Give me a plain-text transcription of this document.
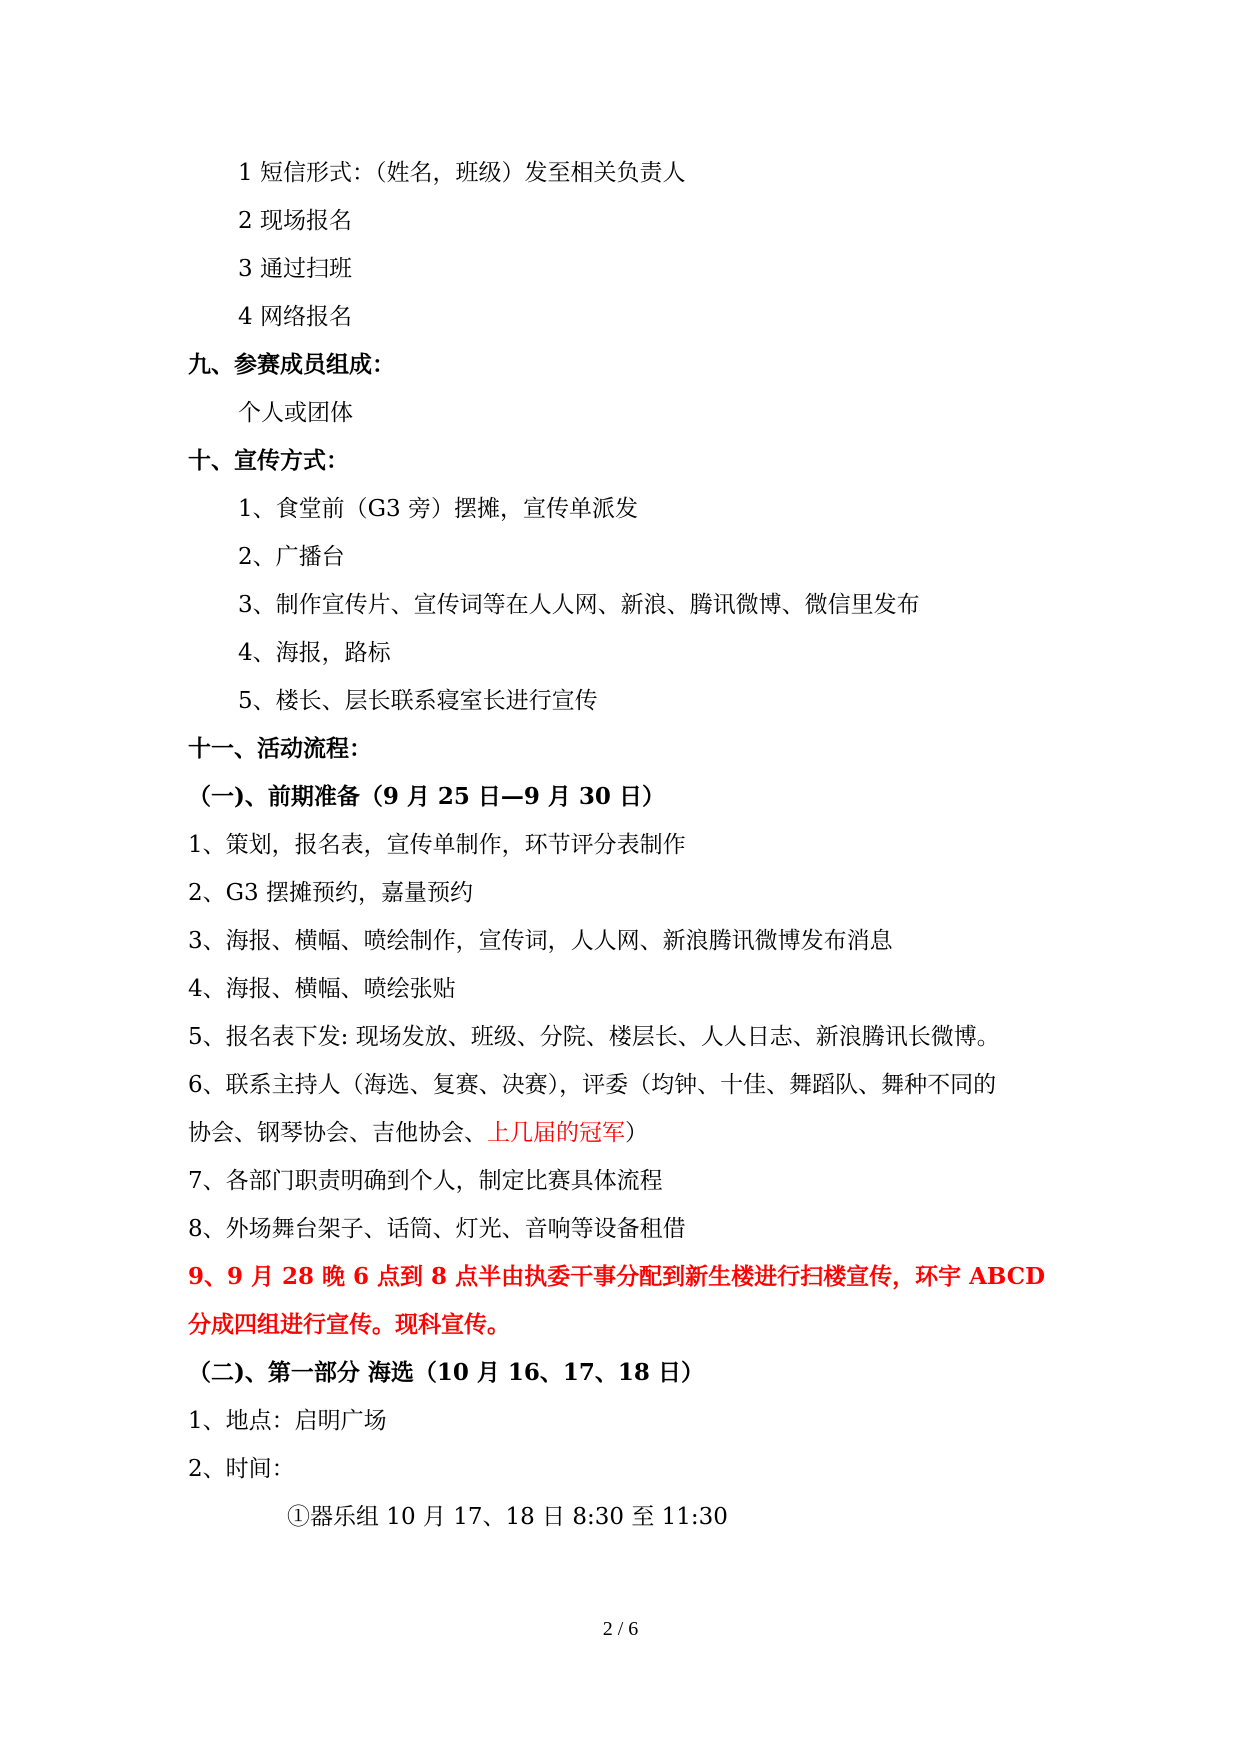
1 短信形式：（姓名，班级）发至相关负责人
2 现场报名
3 通过扫班
4 网络报名
九、参赛成员组成：
个人或团体
十、宣传方式：
1、食堂前（G3 旁）摆摊，宣传单派发
2、广播台
3、制作宣传片、宣传词等在人人网、新浪、腾讯微博、微信里发布
4、海报，路标
5、楼长、层长联系寝室长进行宣传
十一、活动流程：
（一)、前期准备（9 月 25 日—9 月 30 日）
1、策划，报名表，宣传单制作，环节评分表制作
2、G3 摆摊预约，嘉量预约
3、海报、横幅、喷绘制作，宣传词，人人网、新浪腾讯微博发布消息
4、海报、横幅、喷绘张贴
5、报名表下发: 现场发放、班级、分院、楼层长、人人日志、新浪腾讯长微博。
6、联系主持人（海选、复赛、决赛），评委（均钟、十佳、舞蹈队、舞种不同的
协会、钢琴协会、吉他协会、上几届的冠军）
7、各部门职责明确到个人，制定比赛具体流程
8、外场舞台架子、话筒、灯光、音响等设备租借
9、9 月 28 晚 6 点到 8 点半由执委干事分配到新生楼进行扫楼宣传，环宇 ABCD
分成四组进行宣传。现科宣传。
（二)、第一部分 海选（10 月 16、17、18 日）
1、地点：启明广场
2、时间：
①器乐组 10 月 17、18 日 8:30 至 11:30
2 / 6
